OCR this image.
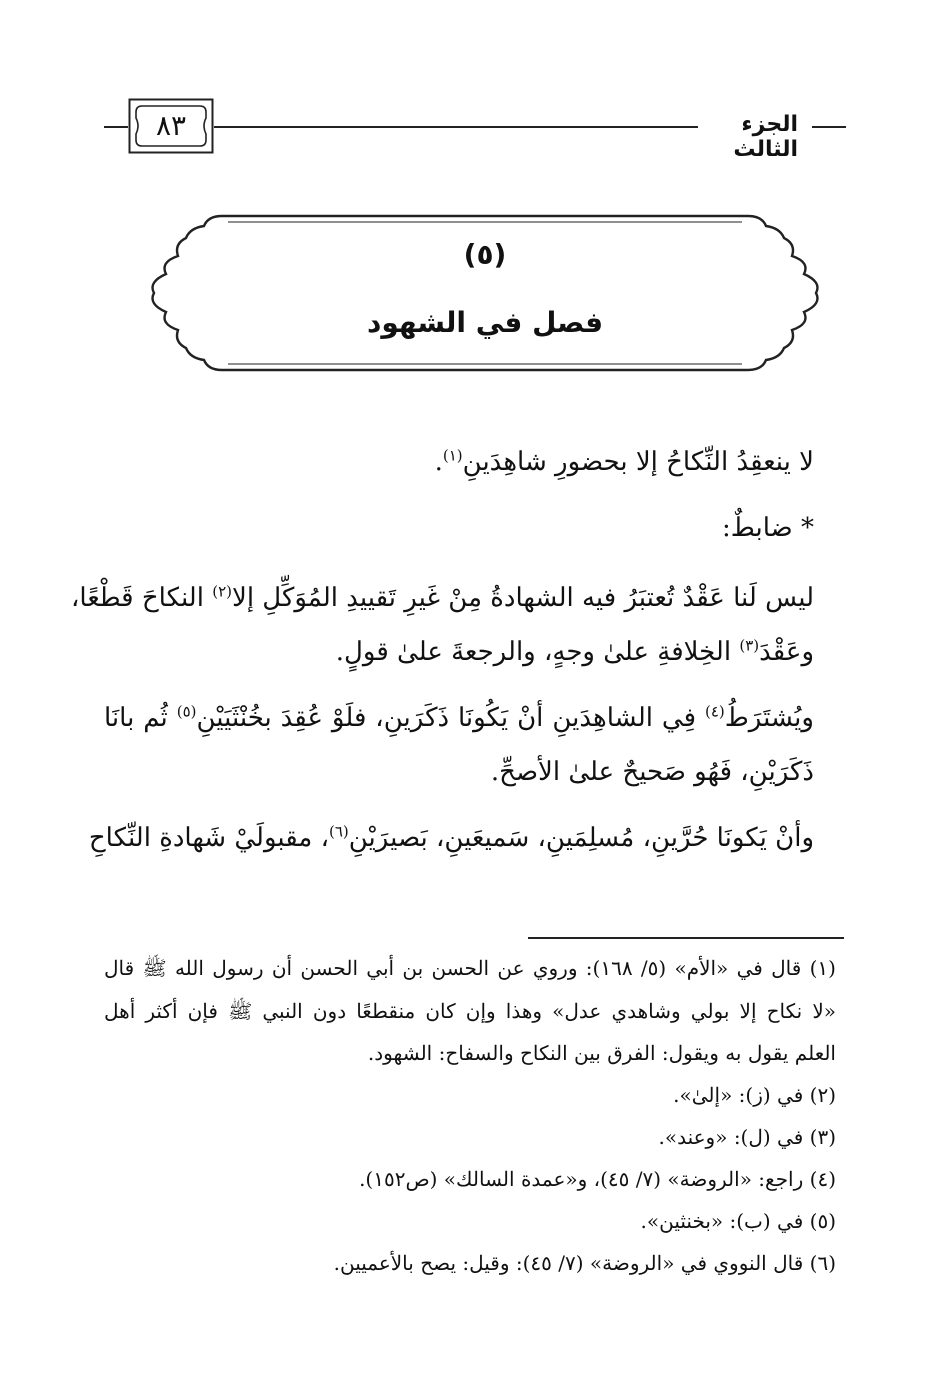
٨٣	الجزء الثالث
(٥)
فصل في الشهود
لا ينعقِدُ النِّكاحُ إلا بحضورِ شاهِدَينِ$^{(١)}$.
* ضابطٌ:
ليس لَنا عَقْدٌ تُعتبَرُ فيه الشهادةُ مِنْ غَيرِ تَقييدِ المُوَكِّلِ إلا$^{(٢)}$ النكاحَ قَطْعًا،
وعَقْدَ$^{(٣)}$ الخِلافةِ علىٰ وجهٍ، والرجعةَ علىٰ قولٍ.
ويُشتَرَطُ$^{(٤)}$ فِي الشاهِدَينِ أنْ يَكُونَا ذَكَرَينِ، فلَوْ عُقِدَ بخُنْثَيَيْنِ$^{(٥)}$ ثُم بانَا
ذَكَرَيْنِ، فَهُو صَحيحٌ علىٰ الأصحِّ.
وأنْ يَكونَا حُرَّينِ، مُسلِمَينِ، سَميعَينِ، بَصيرَيْنِ$^{(٦)}$، مقبولَيْ شَهادةِ النِّكاحِ
(١) قال في «الأم» (٥/ ١٦٨): وروي عن الحسن بن أبي الحسن أن رسول الله ﷺ قال
«لا نكاح إلا بولي وشاهدي عدل» وهذا وإن كان منقطعًا دون النبي ﷺ فإن أكثر أهل
العلم يقول به ويقول: الفرق بين النكاح والسفاح: الشهود.
(٢) في (ز): «إلىٰ».
(٣) في (ل): «وعند».
(٤) راجع: «الروضة» (٧/ ٤٥)، و«عمدة السالك» (ص١٥٢).
(٥) في (ب): «بخنثين».
(٦) قال النووي في «الروضة» (٧/ ٤٥): وقيل: يصح بالأعميين.
